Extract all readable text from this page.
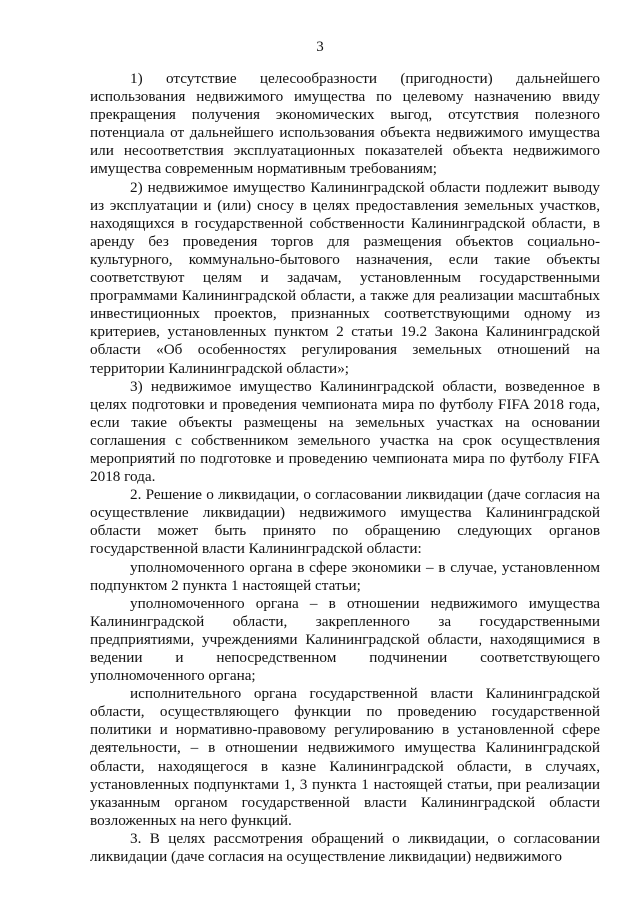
3

1) отсутствие целесообразности (пригодности) дальнейшего использования недвижимого имущества по целевому назначению ввиду прекращения получения экономических выгод, отсутствия полезного потенциала от дальнейшего использования объекта недвижимого имущества или несоответствия эксплуатационных показателей объекта недвижимого имущества современным нормативным требованиям;

2) недвижимое имущество Калининградской области подлежит выводу из эксплуатации и (или) сносу в целях предоставления земельных участков, находящихся в государственной собственности Калининградской области, в аренду без проведения торгов для размещения объектов социально-культурного, коммунально-бытового назначения, если такие объекты соответствуют целям и задачам, установленным государственными программами Калининградской области, а также для реализации масштабных инвестиционных проектов, признанных соответствующими одному из критериев, установленных пунктом 2 статьи 19.2 Закона Калининградской области «Об особенностях регулирования земельных отношений на территории Калининградской области»;

3) недвижимое имущество Калининградской области, возведенное в целях подготовки и проведения чемпионата мира по футболу FIFA 2018 года, если такие объекты размещены на земельных участках на основании соглашения с собственником земельного участка на срок осуществления мероприятий по подготовке и проведению чемпионата мира по футболу FIFA 2018 года.

2. Решение о ликвидации, о согласовании ликвидации (даче согласия на осуществление ликвидации) недвижимого имущества Калининградской области может быть принято по обращению следующих органов государственной власти Калининградской области:

уполномоченного органа в сфере экономики – в случае, установленном подпунктом 2 пункта 1 настоящей статьи;

уполномоченного органа – в отношении недвижимого имущества Калининградской области, закрепленного за государственными предприятиями, учреждениями Калининградской области, находящимися в ведении и непосредственном подчинении соответствующего уполномоченного органа;

исполнительного органа государственной власти Калининградской области, осуществляющего функции по проведению государственной политики и нормативно-правовому регулированию в установленной сфере деятельности, – в отношении недвижимого имущества Калининградской области, находящегося в казне Калининградской области, в случаях, установленных подпунктами 1, 3 пункта 1 настоящей статьи, при реализации указанным органом государственной власти Калининградской области возложенных на него функций.

3. В целях рассмотрения обращений о ликвидации, о согласовании ликвидации (даче согласия на осуществление ликвидации) недвижимого
